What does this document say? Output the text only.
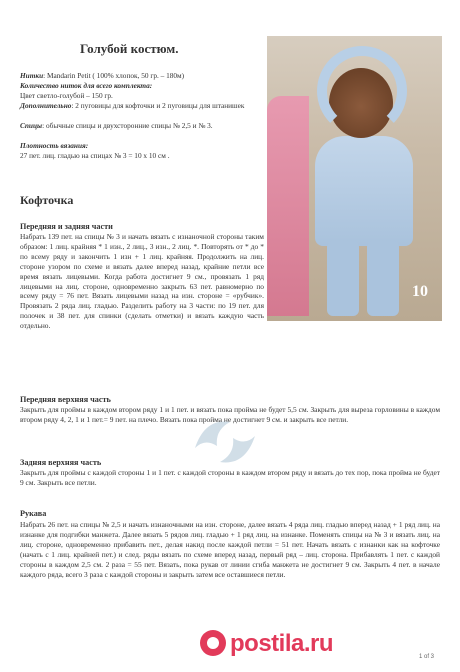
Голубой костюм.
Нитки: Mandarin Petit ( 100% хлопок, 50 гр. – 180м)
Количество ниток для всего комплекта:
Цвет светло-голубой – 150 гр.
Дополнительно: 2 пуговицы для кофточки и 2 пуговицы для штанишек
Спицы: обычные спицы и двухсторонние спицы № 2,5 и № 3.
Плотность вязания:
27 пет. лиц. гладью на спицах № 3 = 10 х 10 см .
10
Кофточка
Передняя и задняя части
Набрать 139 пет. на спицы № 3 и начать вязать с изнаночной стороны таким образом: 1 лиц. крайняя * 1 изн., 2 лиц., 3 изн., 2 лиц. *. Повторять от * до * по всему ряду и закончить 1 изн + 1 лиц. крайняя. Продолжить на лиц. стороне узором по схеме и вязать далее вперед назад, крайние петли все время вязать лицевыми. Когда работа достигнет 9 см., провязать 1 ряд лицевыми на лиц. стороне, одновременно закрыть 63 пет. равномерно по всему ряду = 76 пет. Вязать лицевыми назад на изн. стороне = «рубчик». Провязать 2 ряда лиц. гладью. Разделить работу на 3 части: по 19 пет. для полочек и 38 пет. для спинки (сделать отметки) и вязать каждую часть отдельно.
Передняя верхняя часть
Закрыть для проймы в каждом втором ряду 1 и 1 пет. и вязать пока пройма не будет 5,5 см. Закрыть для выреза горловины в каждом втором ряду 4, 2, 1 и 1 пет.= 9 пет. на плечо. Вязать пока пройма не достигнет 9 см. и закрыть все петли.
Задняя верхняя часть
Закрыть для проймы с каждой стороны 1 и 1 пет. с каждой стороны в каждом втором ряду и вязать до тех пор, пока пройма не будет 9 см. Закрыть все петли.
Рукава
Набрать 26 пет. на спицы № 2,5 и начать изнаночными на изн. стороне, далее вязать 4 ряда лиц. гладью вперед назад + 1 ряд лиц. на изнанке для подгибки манжета. Далее вязать 5 рядов лиц. гладью + 1 ряд лиц. на изнанке. Поменять спицы на № 3 и вязать лиц. на лиц. стороне, одновременно прибавить пет., делая накид после каждой петли = 51 пет. Начать вязать с изнанки как на кофточке (начать с 1 лиц. крайней пет.) и след. ряды вязать по схеме вперед назад, первый ряд – лиц. сторона. Прибавлять 1 пет. с каждой стороны в каждом 2,5 см. 2 раза = 55 пет. Вязать, пока рукав от линии сгиба манжета не достигнет 9 см. Закрыть 4 пет. в начале каждого ряда, всего 3 раза с каждой стороны и закрыть затем все оставшиеся петли.
postila.ru	1 of 3
